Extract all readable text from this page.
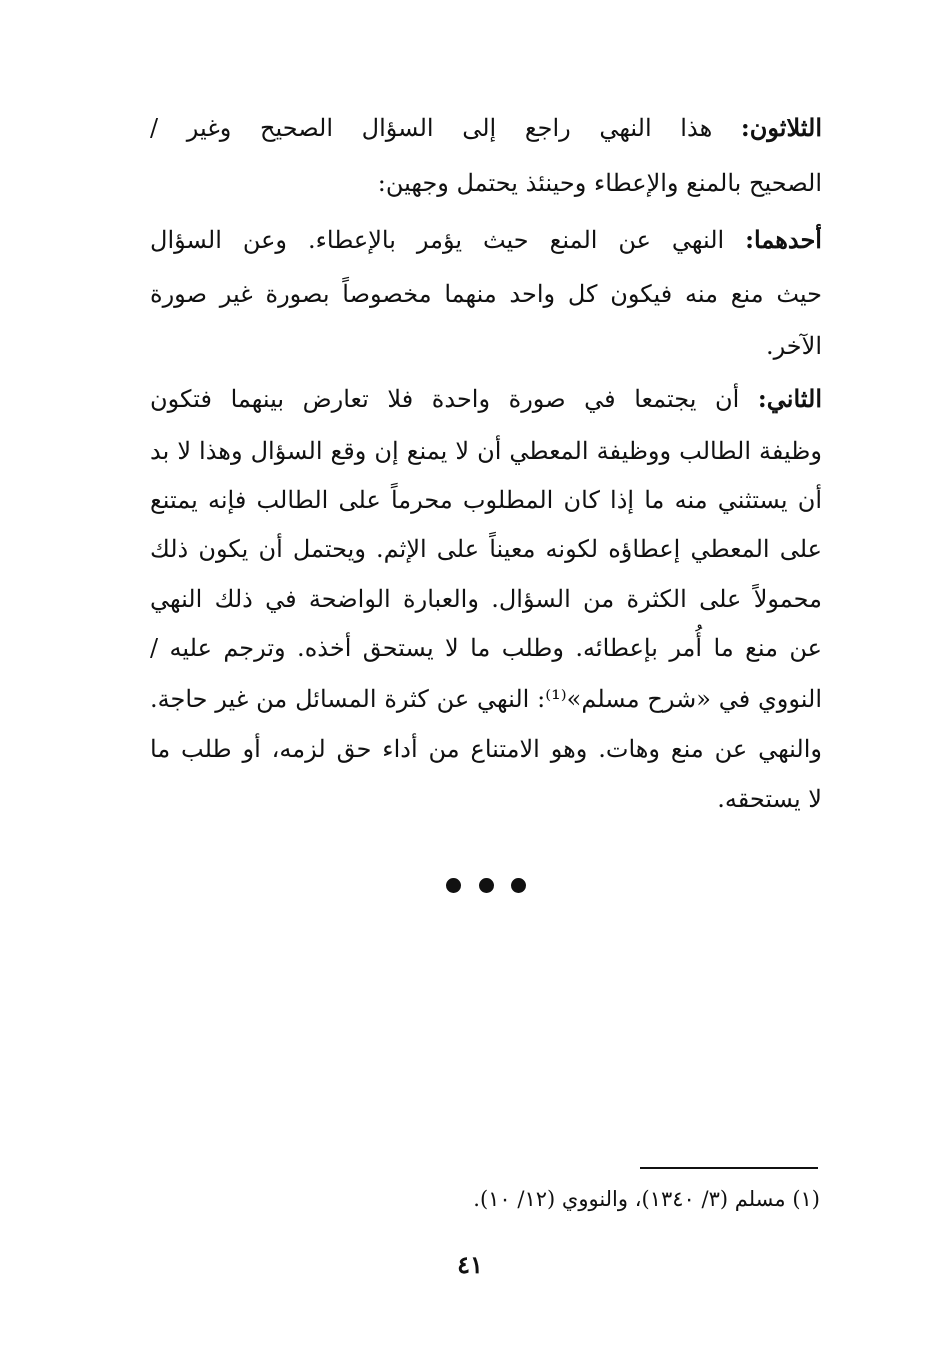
الثلاثون: هذا النهي راجع إلى السؤال الصحيح وغير /
الصحيح بالمنع والإعطاء وحينئذ يحتمل وجهين:
أحدهما: النهي عن المنع حيث يؤمر بالإعطاء. وعن السؤال
حيث منع منه فيكون كل واحد منهما مخصوصاً بصورة غير صورة
الآخر.
الثاني: أن يجتمعا في صورة واحدة فلا تعارض بينهما فتكون
وظيفة الطالب ووظيفة المعطي أن لا يمنع إن وقع السؤال وهذا لا بد
أن يستثني منه ما إذا كان المطلوب محرماً على الطالب فإنه يمتنع
على المعطي إعطاؤه لكونه معيناً على الإثم. ويحتمل أن يكون ذلك
محمولاً على الكثرة من السؤال. والعبارة الواضحة في ذلك النهي
عن منع ما أُمر بإعطائه. وطلب ما لا يستحق أخذه. وترجم عليه /
النووي في «شرح مسلم»⁽¹⁾: النهي عن كثرة المسائل من غير حاجة.
والنهي عن منع وهات. وهو الامتناع من أداء حق لزمه، أو طلب ما
لا يستحقه.
(١) مسلم (٣/ ١٣٤٠)، والنووي (١٢/ ١٠).
٤١
